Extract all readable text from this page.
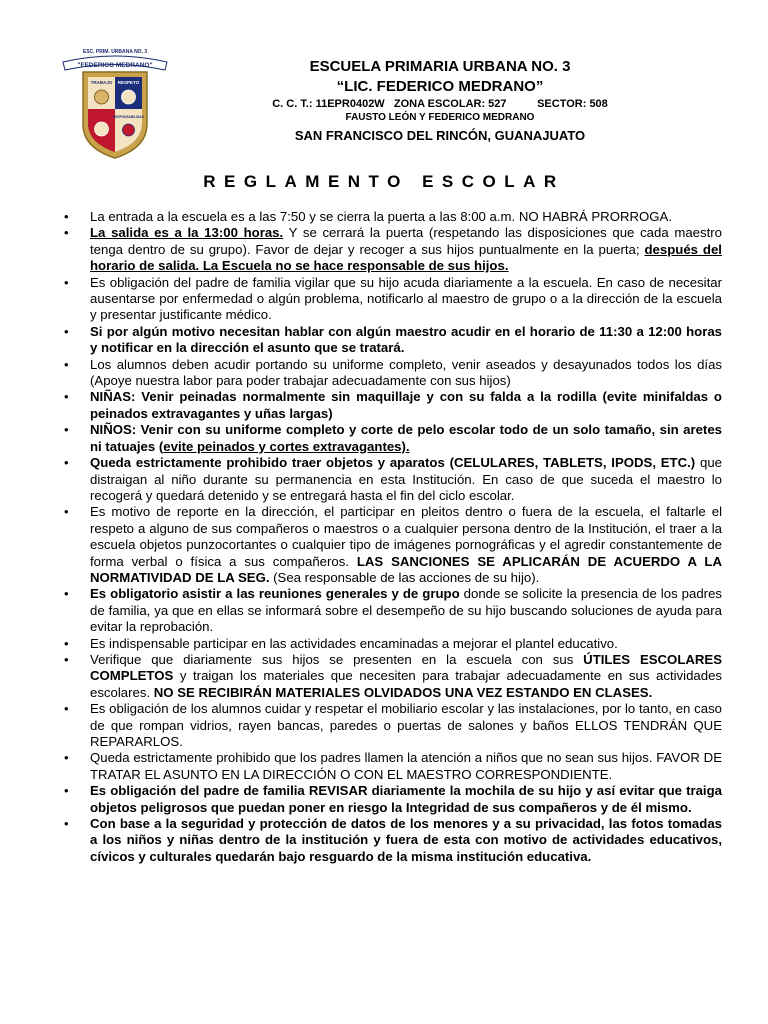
ESC. PRIM. URBANA NO. 3
"FEDERICO MEDRANO"
TRABAJO RESPETO
RESPONSABILIDAD
ESCUELA PRIMARIA URBANA NO. 3
“LIC. FEDERICO MEDRANO”
C. C. T.: 11EPR0402W   ZONA ESCOLAR: 527          SECTOR: 508
FAUSTO LEÓN Y FEDERICO MEDRANO
SAN FRANCISCO DEL RINCÓN, GUANAJUATO
REGLAMENTO ESCOLAR
• La entrada a la escuela es a las 7:50 y se cierra la puerta a las 8:00 a.m. NO HABRÁ PRORROGA.
• La salida es a la 13:00 horas. Y se cerrará la puerta (respetando las disposiciones que cada maestro tenga dentro de su grupo). Favor de dejar y recoger a sus hijos puntualmente en la puerta; después del horario de salida. La Escuela no se hace responsable de sus hijos.
• Es obligación del padre de familia vigilar que su hijo acuda diariamente a la escuela. En caso de necesitar ausentarse por enfermedad o algún problema, notificarlo al maestro de grupo o a la dirección de la escuela y presentar justificante médico.
• Si por algún motivo necesitan hablar con algún maestro acudir en el horario de 11:30 a 12:00 horas y notificar en la dirección el asunto que se tratará.
• Los alumnos deben acudir portando su uniforme completo, venir aseados y desayunados todos los días (Apoye nuestra labor para poder trabajar adecuadamente con sus hijos)
• NIÑAS: Venir peinadas normalmente sin maquillaje y con su falda a la rodilla (evite minifaldas o peinados extravagantes y uñas largas)
• NIÑOS: Venir con su uniforme completo y corte de pelo escolar todo de un solo tamaño, sin aretes ni tatuajes (evite peinados y cortes extravagantes).
• Queda estrictamente prohibido traer objetos y aparatos (CELULARES, TABLETS, IPODS, ETC.) que distraigan al niño durante su permanencia en esta Institución. En caso de que suceda el maestro lo recogerá y quedará detenido y se entregará hasta el fin del ciclo escolar.
• Es motivo de reporte en la dirección, el participar en pleitos dentro o fuera de la escuela, el faltarle el respeto a alguno de sus compañeros o maestros o a cualquier persona dentro de la Institución, el traer a la escuela objetos punzocortantes o cualquier tipo de imágenes pornográficas y el agredir constantemente de forma verbal o física a sus compañeros. LAS SANCIONES SE APLICARÁN DE ACUERDO A LA NORMATIVIDAD DE LA SEG. (Sea responsable de las acciones de su hijo).
• Es obligatorio asistir a las reuniones generales y de grupo donde se solicite la presencia de los padres de familia, ya que en ellas se informará sobre el desempeño de su hijo buscando soluciones de ayuda para evitar la reprobación.
• Es indispensable participar en las actividades encaminadas a mejorar el plantel educativo.
• Verifique que diariamente sus hijos se presenten en la escuela con sus ÚTILES ESCOLARES COMPLETOS y traigan los materiales que necesiten para trabajar adecuadamente en sus actividades escolares. NO SE RECIBIRÁN MATERIALES OLVIDADOS UNA VEZ ESTANDO EN CLASES.
• Es obligación de los alumnos cuidar y respetar el mobiliario escolar y las instalaciones, por lo tanto, en caso de que rompan vidrios, rayen bancas, paredes o puertas de salones y baños ELLOS TENDRÁN QUE REPARARLOS.
• Queda estrictamente prohibido que los padres llamen la atención a niños que no sean sus hijos. FAVOR DE TRATAR EL ASUNTO EN LA DIRECCIÓN O CON EL MAESTRO CORRESPONDIENTE.
• Es obligación del padre de familia REVISAR diariamente la mochila de su hijo y así evitar que traiga objetos peligrosos que puedan poner en riesgo la Integridad de sus compañeros y de él mismo.
• Con base a la seguridad y protección de datos de los menores y a su privacidad, las fotos tomadas a los niños y niñas dentro de la institución y fuera de esta con motivo de actividades educativos, cívicos y culturales quedarán bajo resguardo de la misma institución educativa.
